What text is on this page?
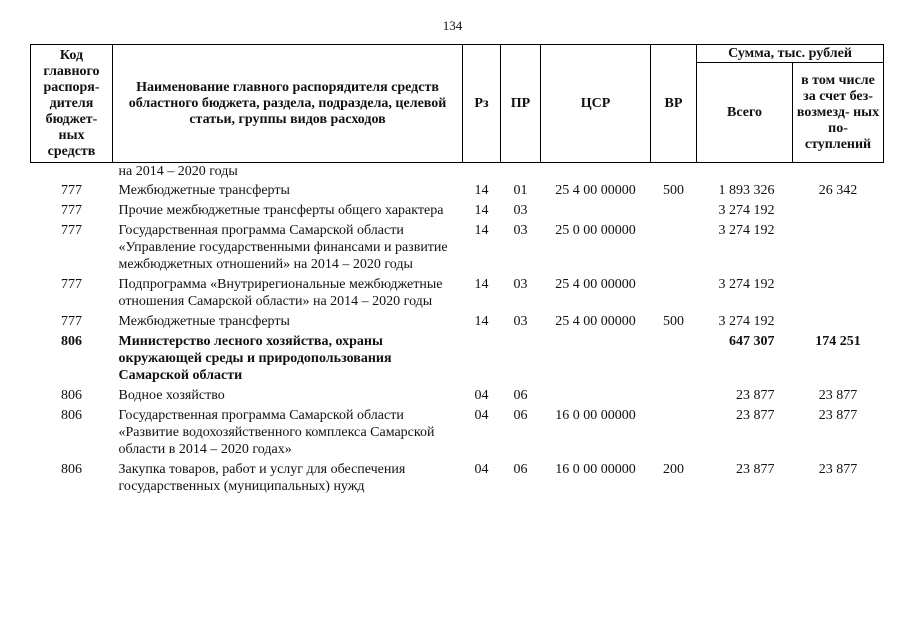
134
Код главного распоря- дителя бюджет- ных средств	Наименование главного распорядителя средств областного бюджета, раздела, подраздела, целевой статьи, группы видов расходов	Рз	ПР	ЦСР	ВР	Сумма, тыс. рублей	
						Всего	в том числе за счет без- возмезд- ных по- ступлений
	на 2014 – 2020 годы						
777	Межбюджетные трансферты	14	01	25 4 00 00000	500	1 893 326	26 342
777	Прочие межбюджетные трансферты общего характера	14	03			3 274 192	
777	Государственная программа Самарской области «Управление государственными финансами и развитие межбюджетных отношений» на 2014 – 2020 годы	14	03	25 0 00 00000		3 274 192	
777	Подпрограмма «Внутрирегиональные межбюджетные отношения Самарской области» на 2014 – 2020 годы	14	03	25 4 00 00000		3 274 192	
777	Межбюджетные трансферты	14	03	25 4 00 00000	500	3 274 192	
806	Министерство лесного хозяйства, охраны окружающей среды и природопользования Самарской области					647 307	174 251
806	Водное хозяйство	04	06			23 877	23 877
806	Государственная программа Самарской области «Развитие водохозяйственного комплекса Самарской области в 2014 – 2020 годах»	04	06	16 0 00 00000		23 877	23 877
806	Закупка товаров, работ и услуг для обеспечения государственных (муниципальных) нужд	04	06	16 0 00 00000	200	23 877	23 877
